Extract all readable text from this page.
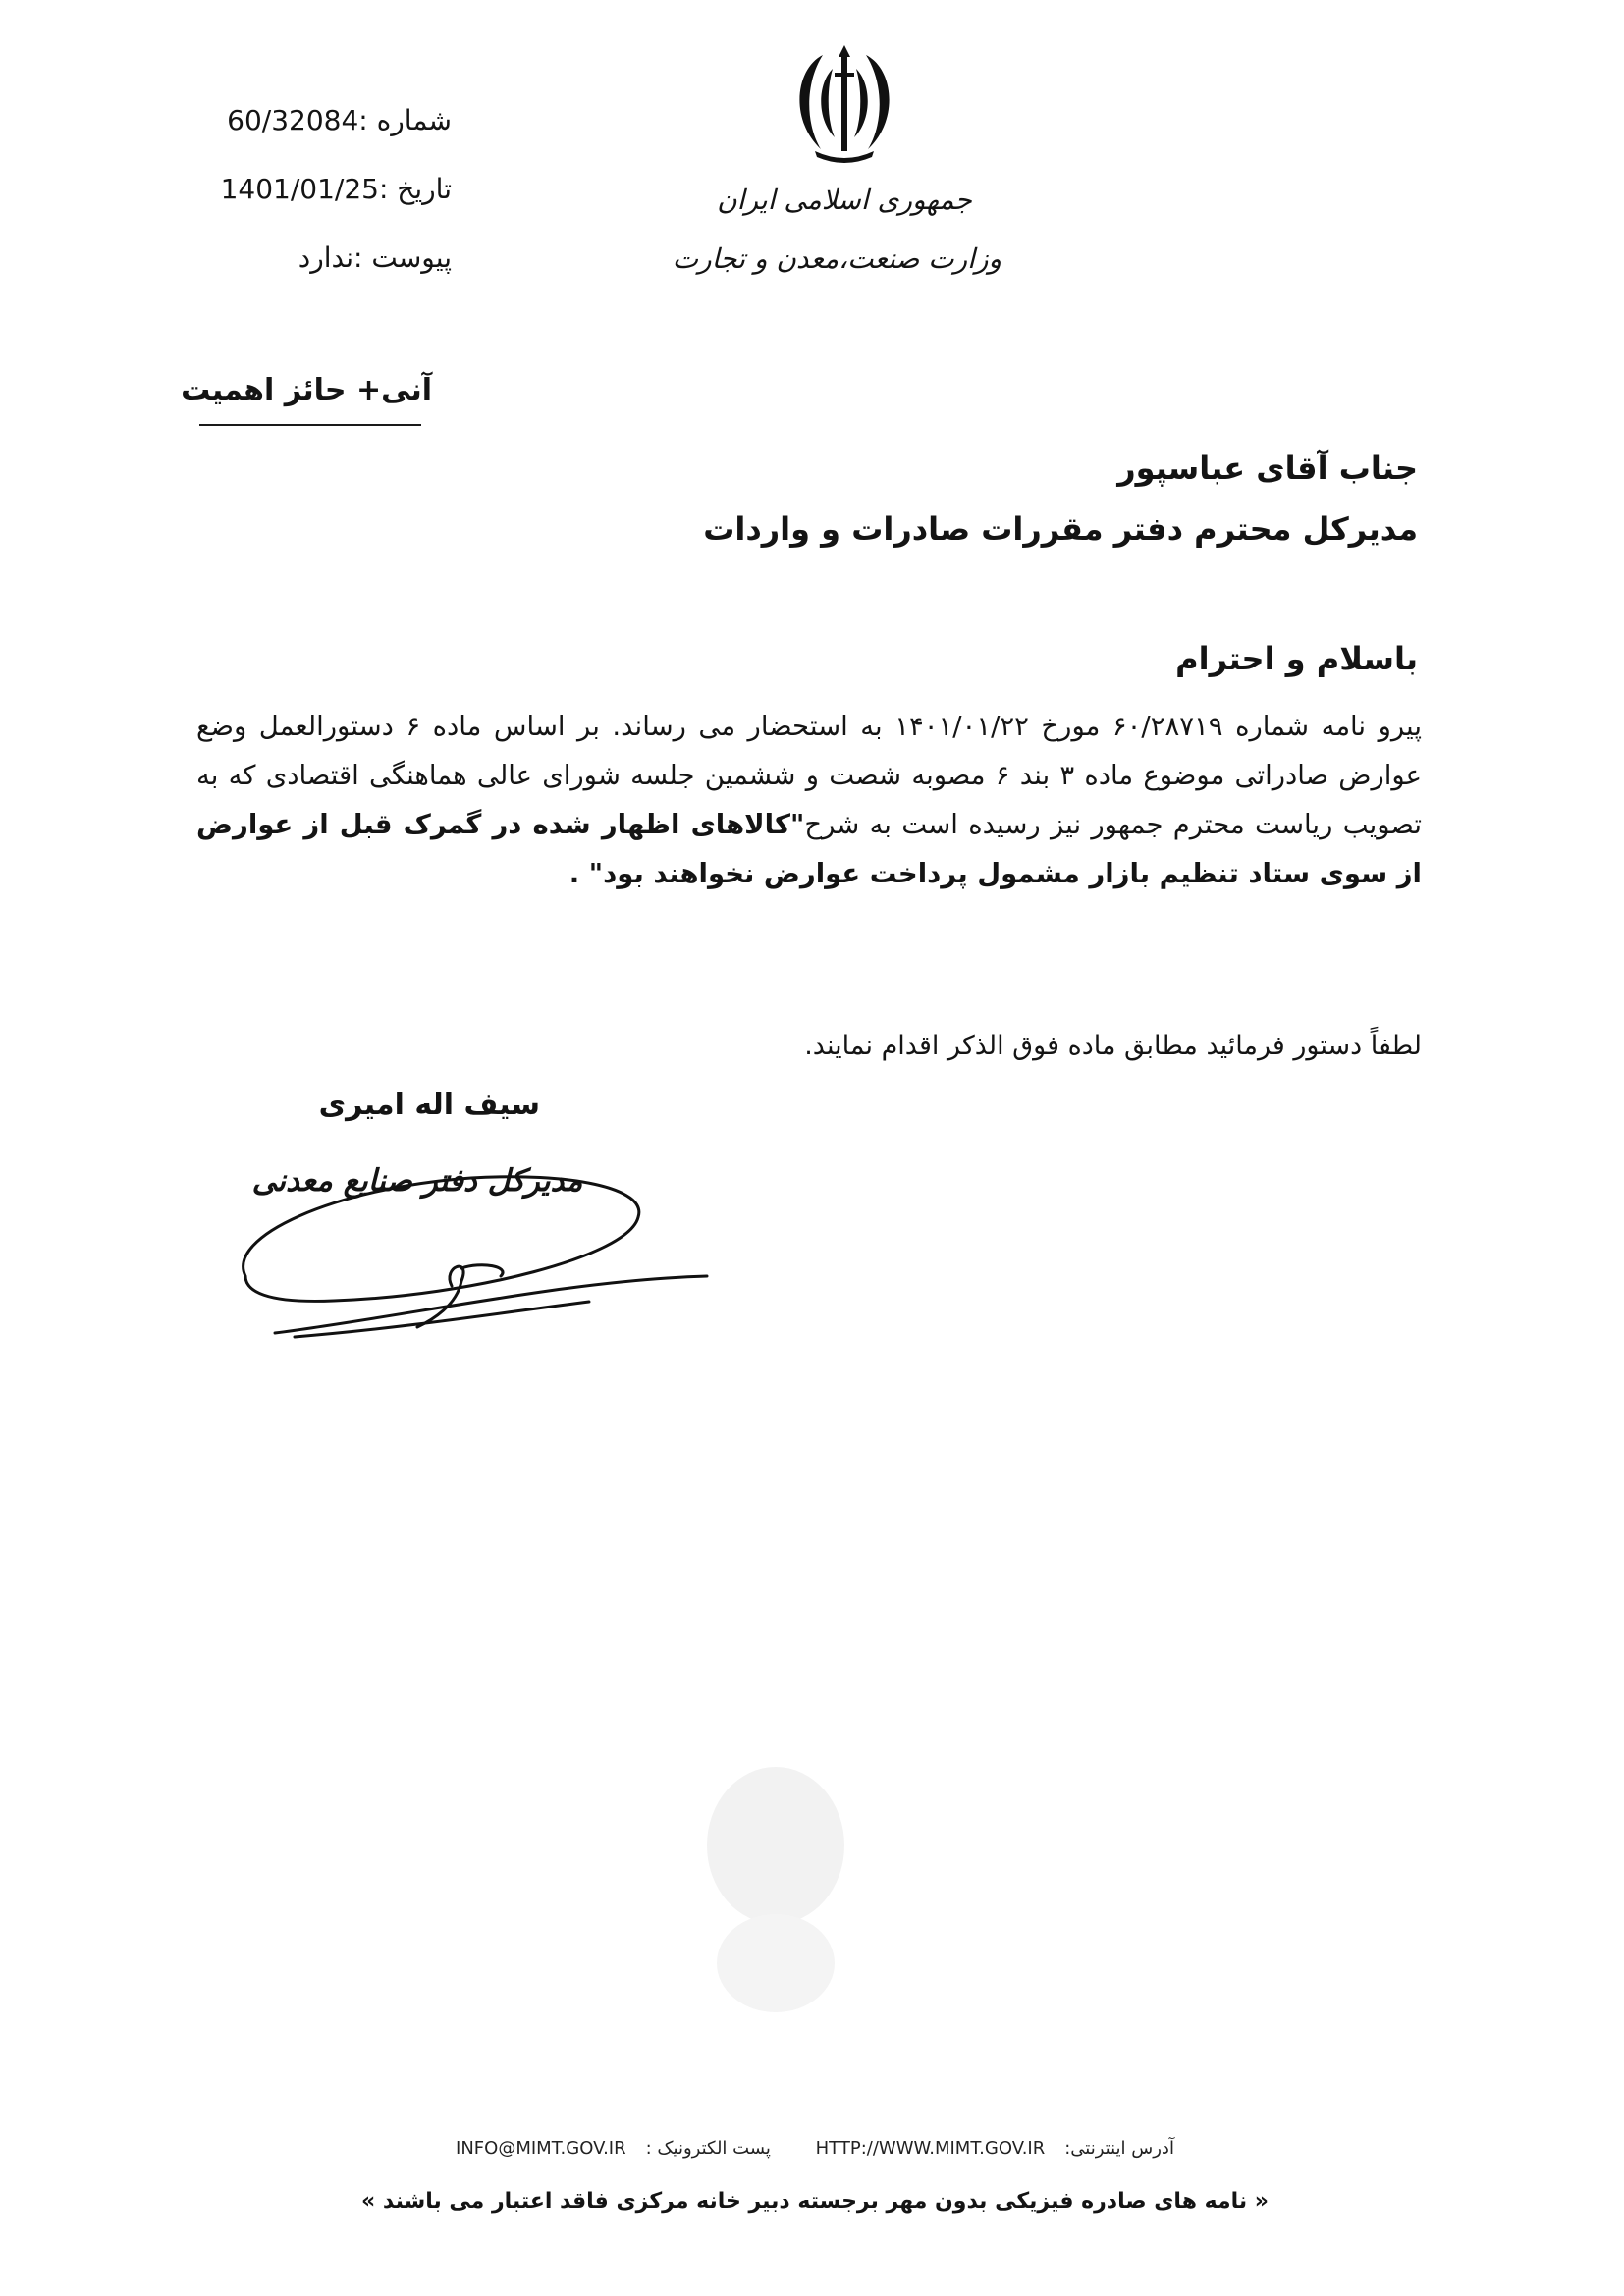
شماره :60/32084
تاریخ :1401/01/25
پیوست :ندارد
جمهوری اسلامی ایران
وزارت صنعت،معدن و تجارت
آنی+ حائز اهمیت
جناب آقای عباسپور
مدیرکل محترم دفتر مقررات صادرات و واردات
باسلام و احترام
پیرو نامه شماره ۶۰/۲۸۷۱۹ مورخ ۱۴۰۱/۰۱/۲۲ به استحضار می رساند. بر اساس ماده ۶ دستورالعمل وضع عوارض صادراتی موضوع ماده ۳ بند ۶ مصوبه شصت و ششمین جلسه شورای عالی هماهنگی اقتصادی که به تصویب ریاست محترم جمهور نیز رسیده است به شرح"کالاهای اظهار شده در گمرک قبل از عوارض از سوی ستاد تنظیم بازار مشمول پرداخت عوارض نخواهند بود" .
لطفاً دستور فرمائید مطابق ماده فوق الذکر اقدام نمایند.
سیف اله امیری
مدیرکل دفتر صنایع معدنی
آدرس اینترنتی:HTTP://WWW.MIMT.GOV.IR پست الکترونیک :INFO@MIMT.GOV.IR
« نامه های صادره فیزیکی بدون مهر برجسته دبیر خانه مرکزی فاقد اعتبار می باشند »
